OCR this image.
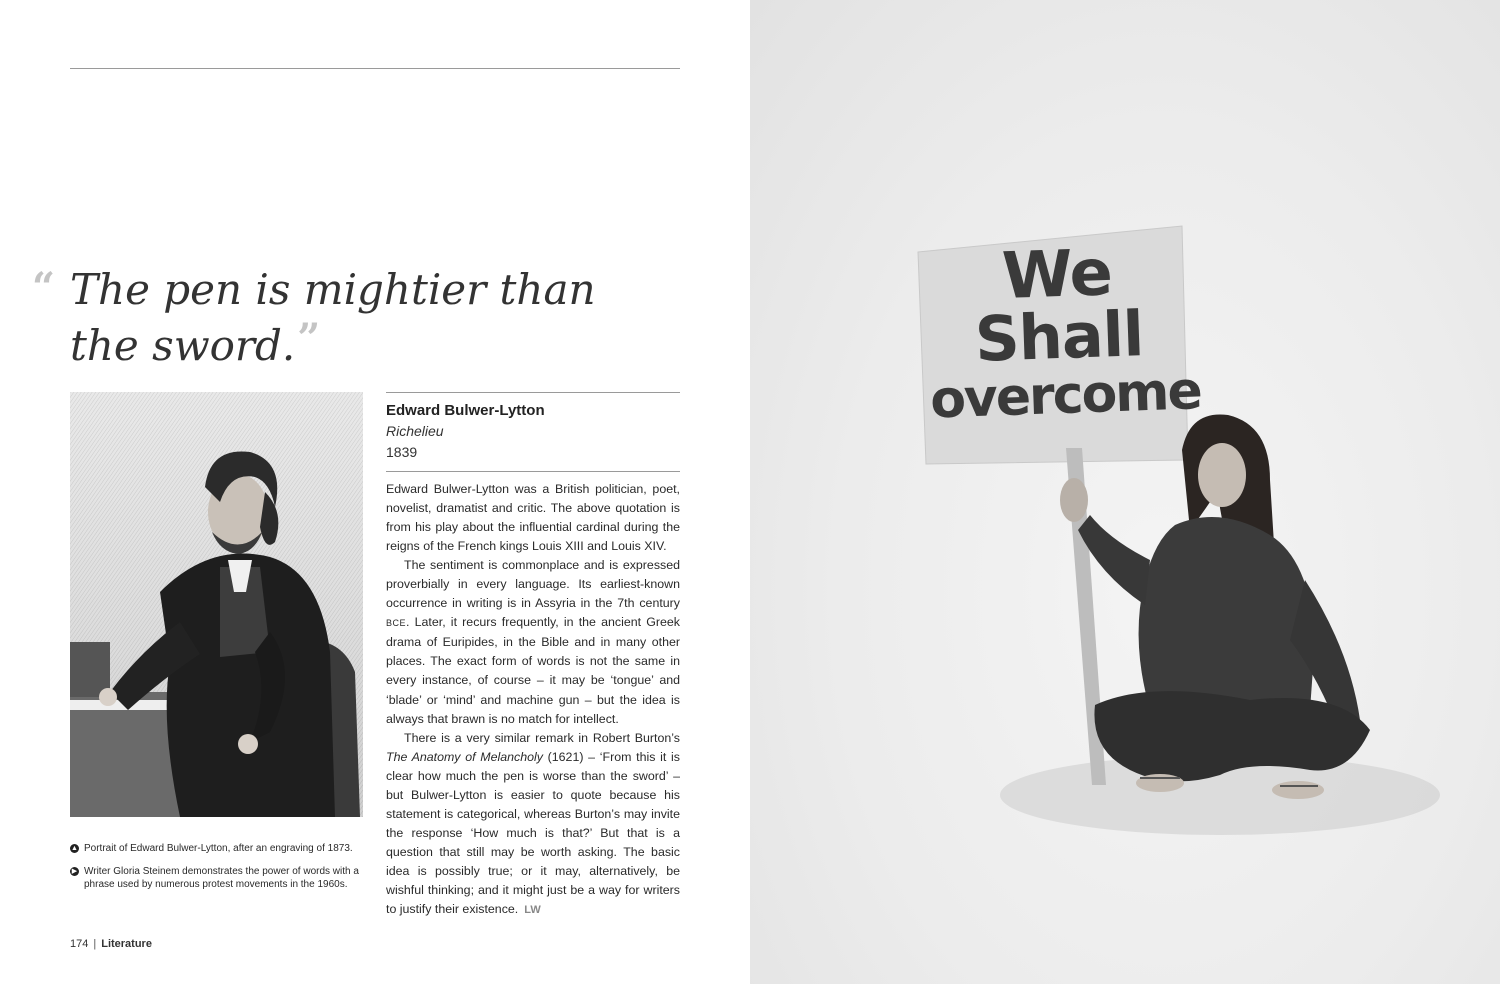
“ The pen is mightier than
the sword.”
▲ Portrait of Edward Bulwer-Lytton, after an engraving of 1873.
▶ Writer Gloria Steinem demonstrates the power of words with a phrase used by numerous protest movements in the 1960s.
Edward Bulwer-Lytton
Richelieu
1839

Edward Bulwer-Lytton was a British politician, poet, novelist, dramatist and critic. The above quotation is from his play about the influential cardinal during the reigns of the French kings Louis XIII and Louis XIV.

The sentiment is commonplace and is expressed proverbially in every language. Its earliest-known occurrence in writing is in Assyria in the 7th century BCE. Later, it recurs frequently, in the ancient Greek drama of Euripides, in the Bible and in many other places. The exact form of words is not the same in every instance, of course – it may be ‘tongue’ and ‘blade’ or ‘mind’ and machine gun – but the idea is always that brawn is no match for intellect.

There is a very similar remark in Robert Burton’s The Anatomy of Melancholy (1621) – ‘From this it is clear how much the pen is worse than the sword’ – but Bulwer-Lytton is easier to quote because his statement is categorical, whereas Burton’s may invite the response ‘How much is that?’ But that is a question that still may be worth asking. The basic idea is possibly true; or it may, alternatively, be wishful thinking; and it might just be a way for writers to justify their existence. LW

174 | Literature
We
Shall
overcome
